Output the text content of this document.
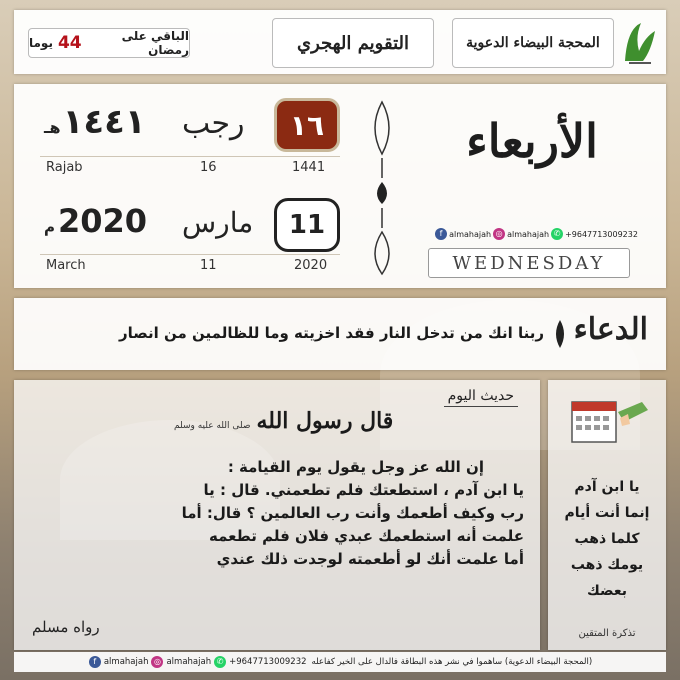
الباقي على رمضان
44
يوما	التقويم الهجري	المحجة البيضاء الدعوية
هـ ١٤٤١ رجب ١٦
Rajab	16	1441
م 2020 مارس 11
March	11	2020
الأربعاء
f almahajah ◎ almahajah ✆ +9647713009232
WEDNESDAY
الدعاء
ربنا انك من تدخل النار فقد اخزيته وما للظالمين من انصار
حديث اليوم
قال رسول الله
صلى الله عليه وسلم
إن الله عز وجل يقول يوم القيامة :
يا ابن آدم ، استطعتك فلم تطعمني. قال : يا
رب وكيف أطعمك وأنت رب العالمين ؟ قال: أما
علمت أنه استطعمك عبدي فلان فلم تطعمه
أما علمت أنك لو أطعمته لوجدت ذلك عندي
رواه مسلم
يا ابن آدم
إنما أنت أيام
كلما ذهب
يومك ذهب
بعضك
تذكرة المتقين
f almahajah ◎ almahajah ✆ +9647713009232 (المحجة البيضاء الدعوية) ساهموا في نشر هذه البطاقة فالدال على الخير كفاعله
